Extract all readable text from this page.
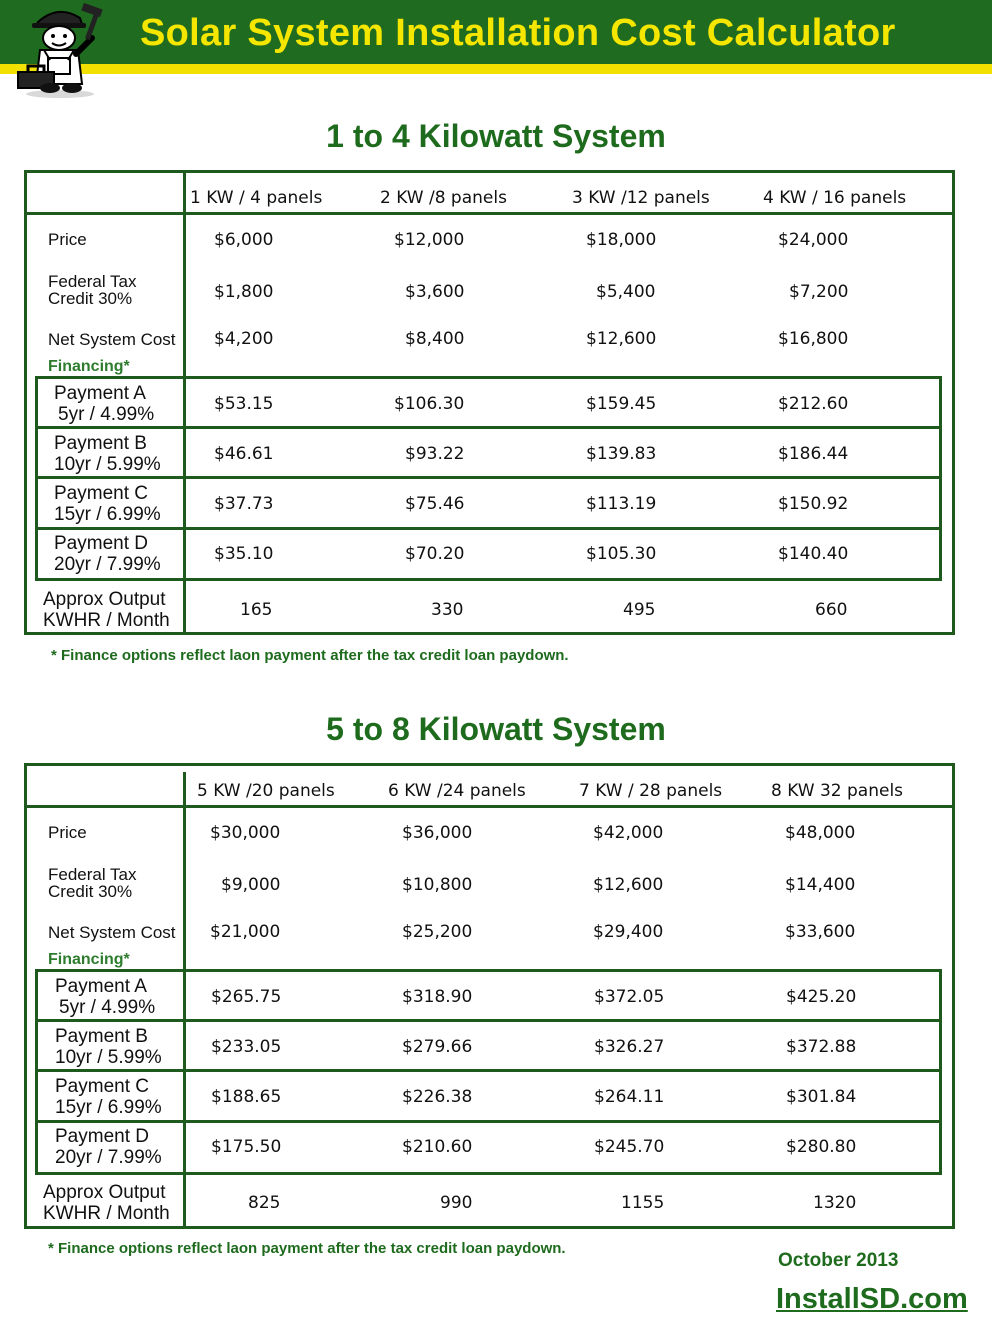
Solar System Installation Cost Calculator
1 to 4 Kilowatt System
1 KW / 4 panels	2 KW /8 panels	3 KW /12 panels	4 KW / 16 panels
Price	$6,000	$12,000	$18,000	$24,000
Federal Tax
Credit 30%	$1,800	$3,600	$5,400	$7,200
Net System Cost $4,200	$8,400	$12,600	$16,800
Financing*
Payment A
5yr / 4.99%	$53.15	$106.30	$159.45	$212.60
Payment B
10yr / 5.99%	$46.61	$93.22	$139.83	$186.44
Payment C
15yr / 6.99%	$37.73	$75.46	$113.19	$150.92
Payment D
20yr / 7.99%	$35.10	$70.20	$105.30	$140.40
Approx Output
KWHR / Month	165	330	495	660
* Finance options reflect laon payment after the tax credit loan paydown.
5 to 8 Kilowatt System
5 KW /20 panels	6 KW /24 panels	7 KW / 28 panels	8 KW 32 panels
Price	$30,000	$36,000	$42,000	$48,000
Federal Tax
Credit 30%	$9,000	$10,800	$12,600	$14,400
Net System Cost $21,000	$25,200	$29,400	$33,600
Financing*
Payment A
5yr / 4.99%	$265.75	$318.90	$372.05	$425.20
Payment B
10yr / 5.99%	$233.05	$279.66	$326.27	$372.88
Payment C
15yr / 6.99%	$188.65	$226.38	$264.11	$301.84
Payment D
20yr / 7.99%	$175.50	$210.60	$245.70	$280.80
Approx Output
KWHR / Month	825	990	1155	1320
* Finance options reflect laon payment after the tax credit loan paydown.
October 2013
InstallSD.com
